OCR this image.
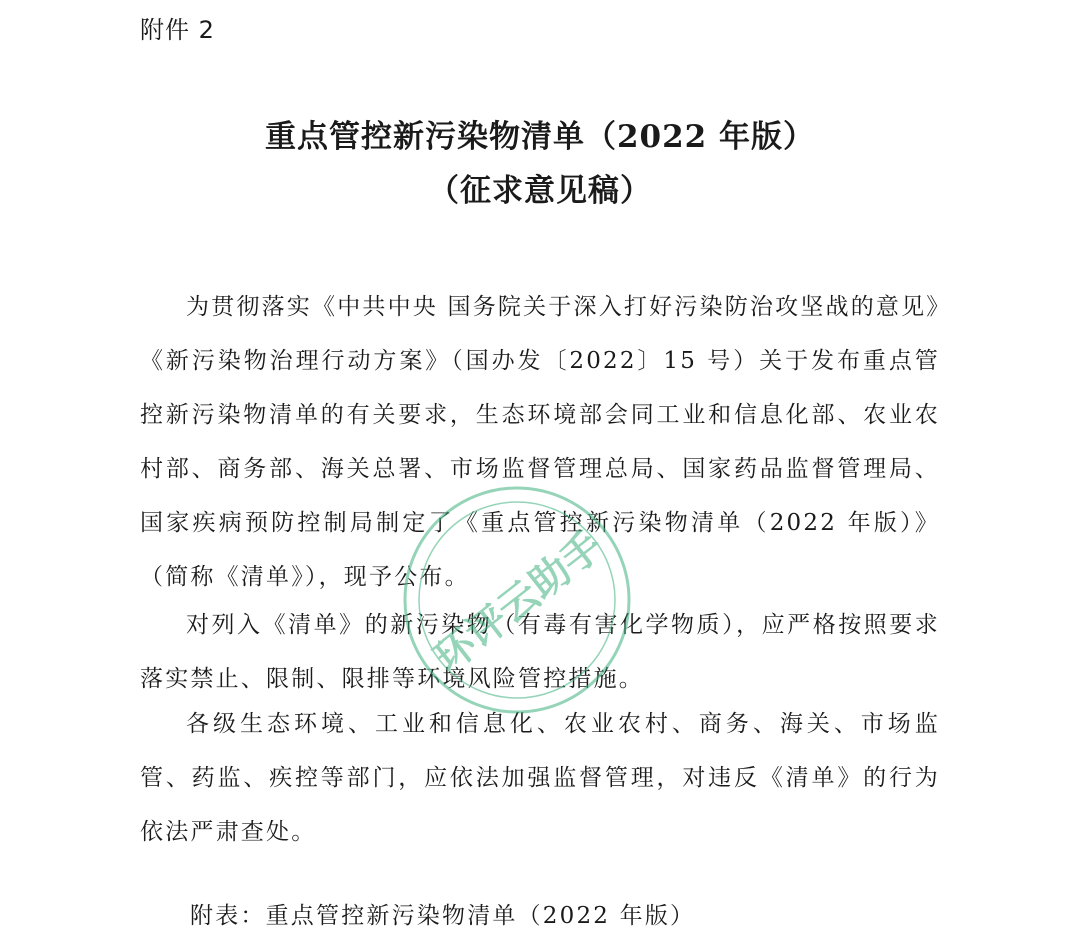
附件 2
重点管控新污染物清单（2022 年版）
（征求意见稿）

为贯彻落实《中共中央 国务院关于深入打好污染防治攻坚战的意见》《新污染物治理行动方案》（国办发〔2022〕15 号）关于发布重点管控新污染物清单的有关要求，生态环境部会同工业和信息化部、农业农村部、商务部、海关总署、市场监督管理总局、国家药品监督管理局、国家疾病预防控制局制定了《重点管控新污染物清单（2022 年版）》（简称《清单》），现予公布。

对列入《清单》的新污染物（有毒有害化学物质），应严格按照要求落实禁止、限制、限排等环境风险管控措施。

各级生态环境、工业和信息化、农业农村、商务、海关、市场监管、药监、疾控等部门，应依法加强监督管理，对违反《清单》的行为依法严肃查处。

附表：重点管控新污染物清单（2022 年版）
环评云助手
